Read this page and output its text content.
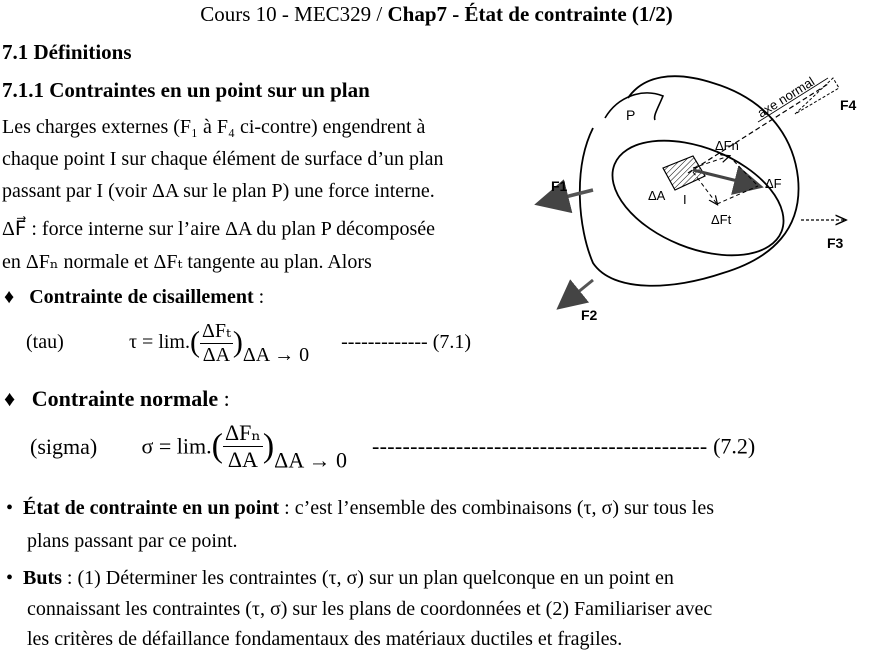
Cours 10 - MEC329 / Chap7 - État de contrainte (1/2)
7.1 Définitions
7.1.1 Contraintes en un point sur un plan
Les charges externes (F₁ à F₄ ci-contre) engendrent à
chaque point I sur chaque élément de surface d’un plan
passant par I (voir ΔA sur le plan P) une force interne.
ΔF⃗ : force interne sur l’aire ΔA du plan P décomposée
en ΔFₙ normale et ΔFₜ tangente au plan. Alors
♦ Contrainte de cisaillement :
(tau)	$\tau = \lim.( \frac{\text{ΔFₜ}}{\Delta A} )\Delta A \to 0$  ------------- (7.1)
♦ Contrainte normale :
(sigma) $\sigma = \lim.( \frac{\text{ΔFₙ}}{\Delta A} )\Delta A \to 0$  -------------------------------------------- (7.2)
• État de contrainte en un point : c’est l’ensemble des combinaisons (τ, σ) sur tous les
plans passant par ce point.
• Buts : (1) Déterminer les contraintes (τ, σ) sur un plan quelconque en un point en
connaissant les contraintes (τ, σ) sur les plans de coordonnées et (2) Familiariser avec
les critères de défaillance fondamentaux des matériaux ductiles et fragiles.
P	axe normal F4
ΔFn
ΔF
ΔFt
ΔA I
F1
F2
F3
